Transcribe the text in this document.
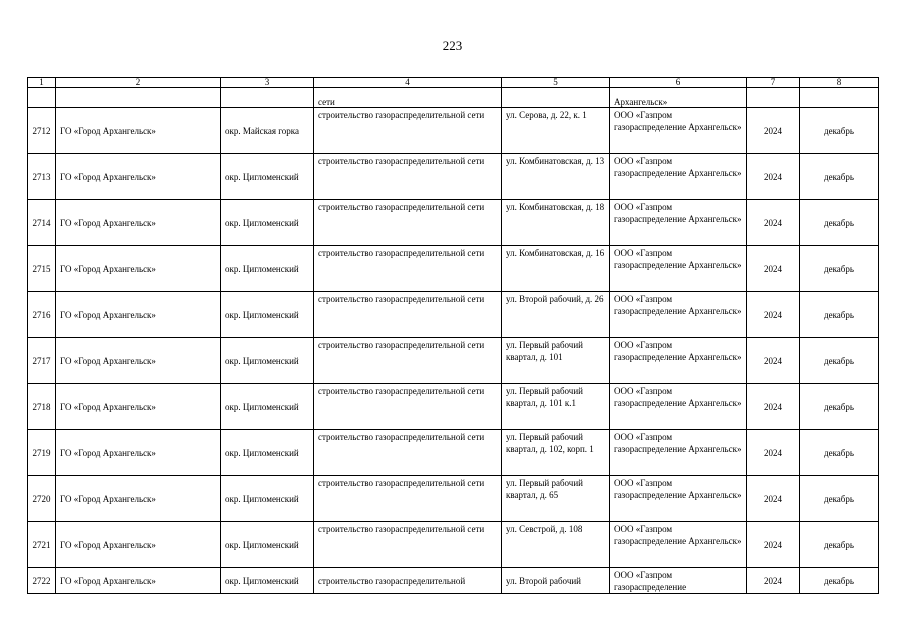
223
1	2	3	4	5	6	7	8
			сети		Архангельск»		
2712	ГО «Город Архангельск»	окр. Майская горка	строительство газораспределительной сети	ул. Серова, д. 22, к. 1	ООО «Газпром газораспределение Архангельск»	2024	декабрь
2713	ГО «Город Архангельск»	окр. Цигломенский	строительство газораспределительной сети	ул. Комбинатовская, д. 13	ООО «Газпром газораспределение Архангельск»	2024	декабрь
2714	ГО «Город Архангельск»	окр. Цигломенский	строительство газораспределительной сети	ул. Комбинатовская, д. 18	ООО «Газпром газораспределение Архангельск»	2024	декабрь
2715	ГО «Город Архангельск»	окр. Цигломенский	строительство газораспределительной сети	ул. Комбинатовская, д. 16	ООО «Газпром газораспределение Архангельск»	2024	декабрь
2716	ГО «Город Архангельск»	окр. Цигломенский	строительство газораспределительной сети	ул. Второй рабочий, д. 26	ООО «Газпром газораспределение Архангельск»	2024	декабрь
2717	ГО «Город Архангельск»	окр. Цигломенский	строительство газораспределительной сети	ул. Первый рабочий квартал, д. 101	ООО «Газпром газораспределение Архангельск»	2024	декабрь
2718	ГО «Город Архангельск»	окр. Цигломенский	строительство газораспределительной сети	ул. Первый рабочий квартал, д. 101 к.1	ООО «Газпром газораспределение Архангельск»	2024	декабрь
2719	ГО «Город Архангельск»	окр. Цигломенский	строительство газораспределительной сети	ул. Первый рабочий квартал, д. 102, корп. 1	ООО «Газпром газораспределение Архангельск»	2024	декабрь
2720	ГО «Город Архангельск»	окр. Цигломенский	строительство газораспределительной сети	ул. Первый рабочий квартал, д. 65	ООО «Газпром газораспределение Архангельск»	2024	декабрь
2721	ГО «Город Архангельск»	окр. Цигломенский	строительство газораспределительной сети	ул. Севстрой, д. 108	ООО «Газпром газораспределение Архангельск»	2024	декабрь
2722	ГО «Город Архангельск»	окр. Цигломенский	строительство газораспределительной	ул. Второй рабочий	ООО «Газпром газораспределение	2024	декабрь
